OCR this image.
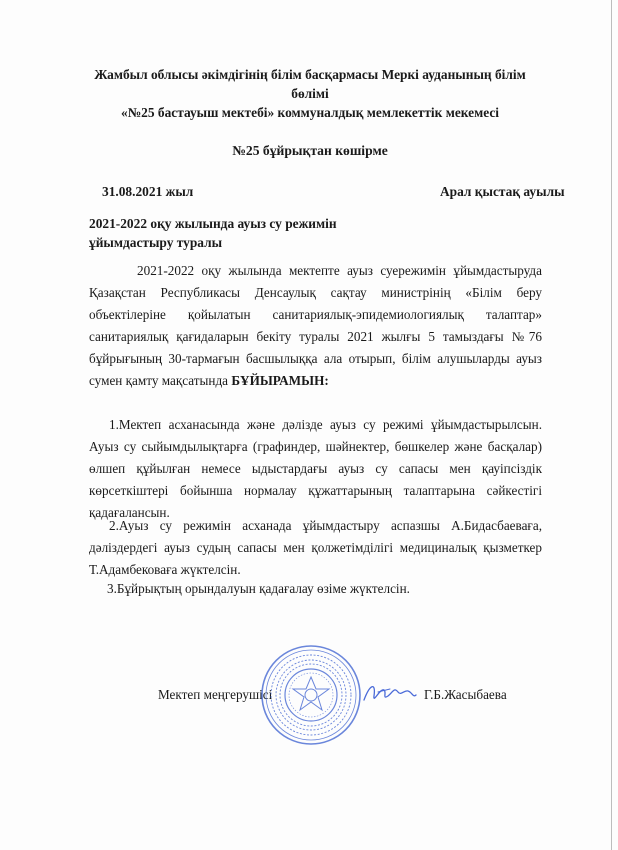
Жамбыл облысы әкімдігінің білім басқармасы Меркі ауданының білім
бөлімі
«№25 бастауыш мектебі» коммуналдық мемлекеттік мекемесі
№25 бұйрықтан көшірме
31.08.2021 жыл	Арал қыстақ ауылы
2021-2022 оқу жылында ауыз су режимін ұйымдастыру туралы
2021-2022 оқу жылында мектепте ауыз суережимін ұйымдастыруда Қазақстан Республикасы Денсаулық сақтау министрінің «Білім беру объектілеріне қойылатын санитариялық-эпидемиологиялық талаптар» санитариялық қағидаларын бекіту туралы 2021 жылғы 5 тамыздағы №76 бұйрығының 30-тармағын басшылыққа ала отырып, білім алушыларды ауыз сумен қамту мақсатында БҰЙЫРАМЫН:
1.Мектеп асханасында және дәлізде ауыз су режимі ұйымдастырылсын. Ауыз су сыйымдылықтарға (графиндер, шәйнектер, бөшкелер және басқалар) өлшеп құйылған немесе ыдыстардағы ауыз су сапасы мен қауіпсіздік көрсеткіштері бойынша нормалау құжаттарының талаптарына сәйкестігі қадағалансын.
2.Ауыз су режимін асханада ұйымдастыру аспазшы А.Бидасбаеваға, дәліздердегі ауыз судың сапасы мен қолжетімділігі медициналық қызметкер Т.Адамбековаға жүктелсін.
3.Бұйрықтың орындалуын қадағалау өзіме жүктелсін.
Мектеп меңгерушісі	Г.Б.Жасыбаева
